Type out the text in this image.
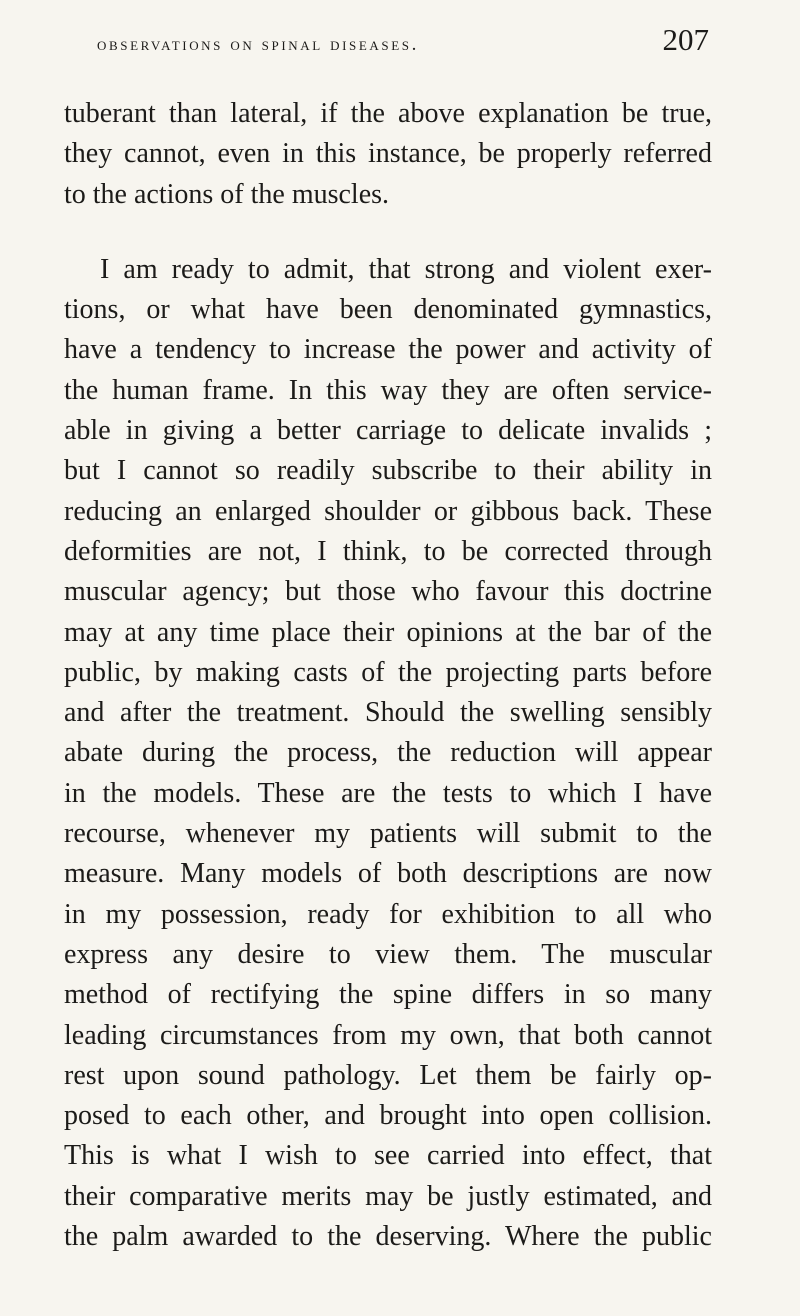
observations on spinal diseases.	207
tuberant than lateral, if the above explanation be true,
they cannot, even in this instance, be properly referred
to the actions of the muscles.
I am ready to admit, that strong and violent exer-
tions, or what have been denominated gymnastics,
have a tendency to increase the power and activity of
the human frame. In this way they are often service-
able in giving a better carriage to delicate invalids ;
but I cannot so readily subscribe to their ability in
reducing an enlarged shoulder or gibbous back. These
deformities are not, I think, to be corrected through
muscular agency; but those who favour this doctrine
may at any time place their opinions at the bar of the
public, by making casts of the projecting parts before
and after the treatment. Should the swelling sensibly
abate during the process, the reduction will appear
in the models. These are the tests to which I have
recourse, whenever my patients will submit to the
measure. Many models of both descriptions are now
in my possession, ready for exhibition to all who
express any desire to view them. The muscular
method of rectifying the spine differs in so many
leading circumstances from my own, that both cannot
rest upon sound pathology. Let them be fairly op-
posed to each other, and brought into open collision.
This is what I wish to see carried into effect, that
their comparative merits may be justly estimated, and
the palm awarded to the deserving. Where the public
